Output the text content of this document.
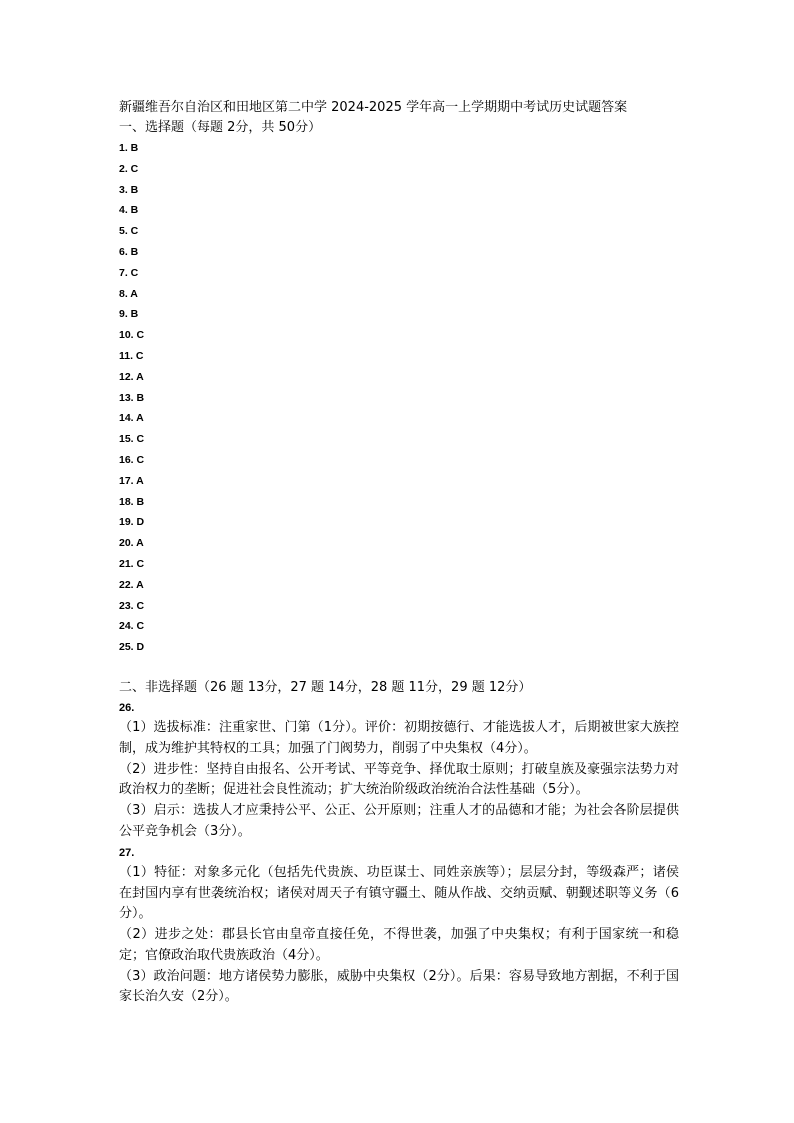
新疆维吾尔自治区和田地区第二中学 2024-2025 学年高一上学期期中考试历史试题答案
一、选择题（每题 2分，共 50分）
1. B
2. C
3. B
4. B
5. C
6. B
7. C
8. A
9. B
10. C
11. C
12. A
13. B
14. A
15. C
16. C
17. A
18. B
19. D
20. A
21. C
22. A
23. C
24. C
25. D
二、非选择题（26 题 13分，27 题 14分，28 题 11分，29 题 12分）
26.

（1）选拔标准：注重家世、门第（1分）。评价：初期按德行、才能选拔人才，后期被世家大族控制，成为维护其特权的工具；加强了门阀势力，削弱了中央集权（4分）。

（2）进步性：坚持自由报名、公开考试、平等竞争、择优取士原则；打破皇族及豪强宗法势力对政治权力的垄断；促进社会良性流动；扩大统治阶级政治统治合法性基础（5分）。

（3）启示：选拔人才应秉持公平、公正、公开原则；注重人才的品德和才能；为社会各阶层提供公平竞争机会（3分）。

27.

（1）特征：对象多元化（包括先代贵族、功臣谋士、同姓亲族等）；层层分封，等级森严；诸侯在封国内享有世袭统治权；诸侯对周天子有镇守疆土、随从作战、交纳贡赋、朝觐述职等义务（6分）。

（2）进步之处：郡县长官由皇帝直接任免，不得世袭，加强了中央集权；有利于国家统一和稳定；官僚政治取代贵族政治（4分）。

（3）政治问题：地方诸侯势力膨胀，威胁中央集权（2分）。后果：容易导致地方割据，不利于国家长治久安（2分）。
